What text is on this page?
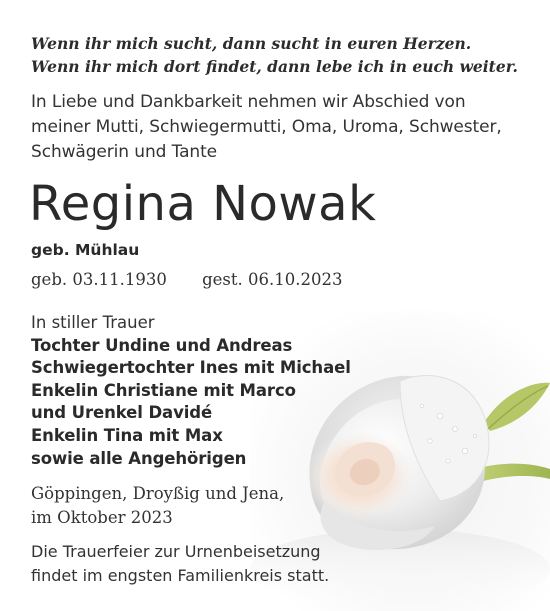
Wenn ihr mich sucht, dann sucht in euren Herzen.
Wenn ihr mich dort findet, dann lebe ich in euch weiter.
In Liebe und Dankbarkeit nehmen wir Abschied von
meiner Mutti, Schwiegermutti, Oma, Uroma, Schwester,
Schwägerin und Tante
Regina Nowak
geb. Mühlau
geb. 03.11.1930 gest. 06.10.2023
In stiller Trauer
Tochter Undine und Andreas
Schwiegertochter Ines mit Michael
Enkelin Christiane mit Marco
und Urenkel Davidé
Enkelin Tina mit Max
sowie alle Angehörigen
Göppingen, Droyßig und Jena,
im Oktober 2023
Die Trauerfeier zur Urnenbeisetzung
findet im engsten Familienkreis statt.
